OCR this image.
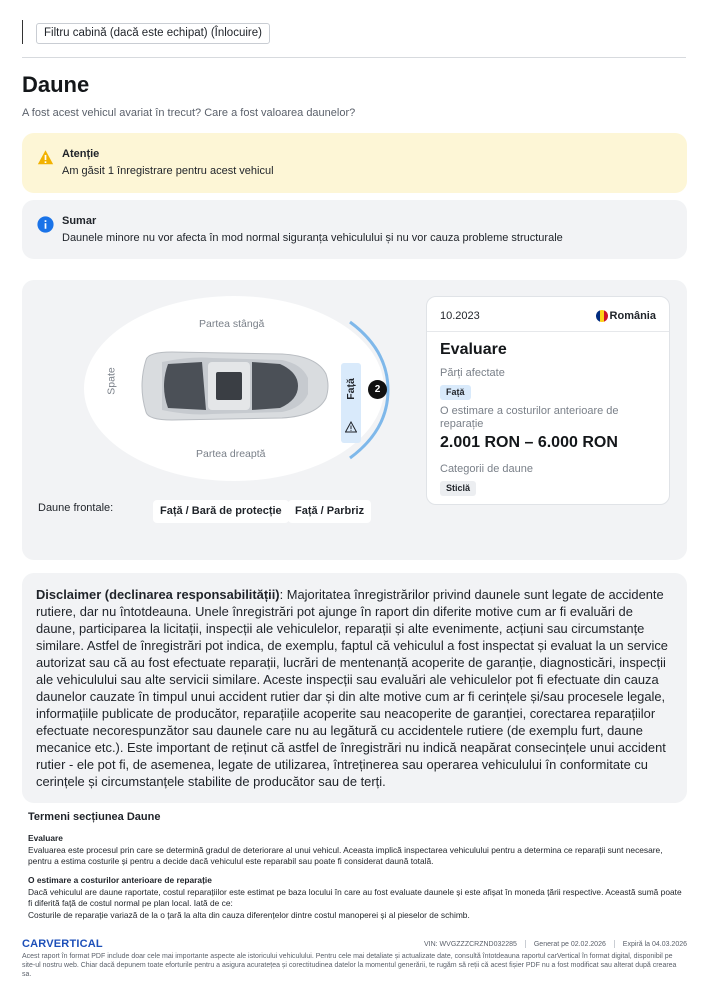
Filtru cabină (dacă este echipat) (Înlocuire)
Daune
A fost acest vehicul avariat în trecut? Care a fost valoarea daunelor?
Atenție
Am găsit 1 înregistrare pentru acest vehicul
Sumar
Daunele minore nu vor afecta în mod normal siguranța vehiculului și nu vor cauza probleme structurale
Partea stângă
Partea dreaptă
Spate	Față	2
Daune frontale:	Față / Bară de protecție	Față / Parbriz
10.2023	România
Evaluare
Părți afectate
Față
O estimare a costurilor anterioare de reparație
2.001 RON – 6.000 RON
Categorii de daune
Sticlă
Disclaimer (declinarea responsabilității): Majoritatea înregistrărilor privind daunele sunt legate de accidente rutiere, dar nu întotdeauna. Unele înregistrări pot ajunge în raport din diferite motive cum ar fi evaluări de daune, participarea la licitații, inspecții ale vehiculelor, reparații și alte evenimente, acțiuni sau circumstanțe similare. Astfel de înregistrări pot indica, de exemplu, faptul că vehiculul a fost inspectat și evaluat la un service autorizat sau că au fost efectuate reparații, lucrări de mentenanță acoperite de garanție, diagnosticări, inspecții ale vehiculului sau alte servicii similare. Aceste inspecții sau evaluări ale vehiculelor pot fi efectuate din cauza daunelor cauzate în timpul unui accident rutier dar și din alte motive cum ar fi cerințele și/sau procesele legale, informațiile publicate de producător, reparațiile acoperite sau neacoperite de garanției, corectarea reparațiilor efectuate necorespunzător sau daunele care nu au legătură cu accidentele rutiere (de exemplu furt, daune mecanice etc.). Este important de reținut că astfel de înregistrări nu indică neapărat consecințele unui accident rutier - ele pot fi, de asemenea, legate de utilizarea, întreținerea sau operarea vehiculului în conformitate cu cerințele și circumstanțele stabilite de producător sau de terți.
Termeni secțiunea Daune
Evaluare
Evaluarea este procesul prin care se determină gradul de deteriorare al unui vehicul. Aceasta implică inspectarea vehiculului pentru a determina ce reparații sunt necesare, pentru a estima costurile și pentru a decide dacă vehiculul este reparabil sau poate fi considerat daună totală.
O estimare a costurilor anterioare de reparație
Dacă vehiculul are daune raportate, costul reparațiilor este estimat pe baza locului în care au fost evaluate daunele și este afișat în moneda țării respective. Această sumă poate fi diferită față de costul normal pe plan local. Iată de ce:
Costurile de reparație variază de la o țară la alta din cauza diferențelor dintre costul manoperei și al pieselor de schimb.
CARVERTICAL	VIN: WVGZZZCRZND032285 Generat pe 02.02.2026 Expiră la 04.03.2026
Acest raport în format PDF include doar cele mai importante aspecte ale istoricului vehiculului. Pentru cele mai detaliate și actualizate date, consultă întotdeauna raportul carVertical în format digital, disponibil pe site-ul nostru web. Chiar dacă depunem toate eforturile pentru a asigura acuratețea și corectitudinea datelor la momentul generării, te rugăm să reții că acest fișier PDF nu a fost modificat sau alterat după crearea sa.
